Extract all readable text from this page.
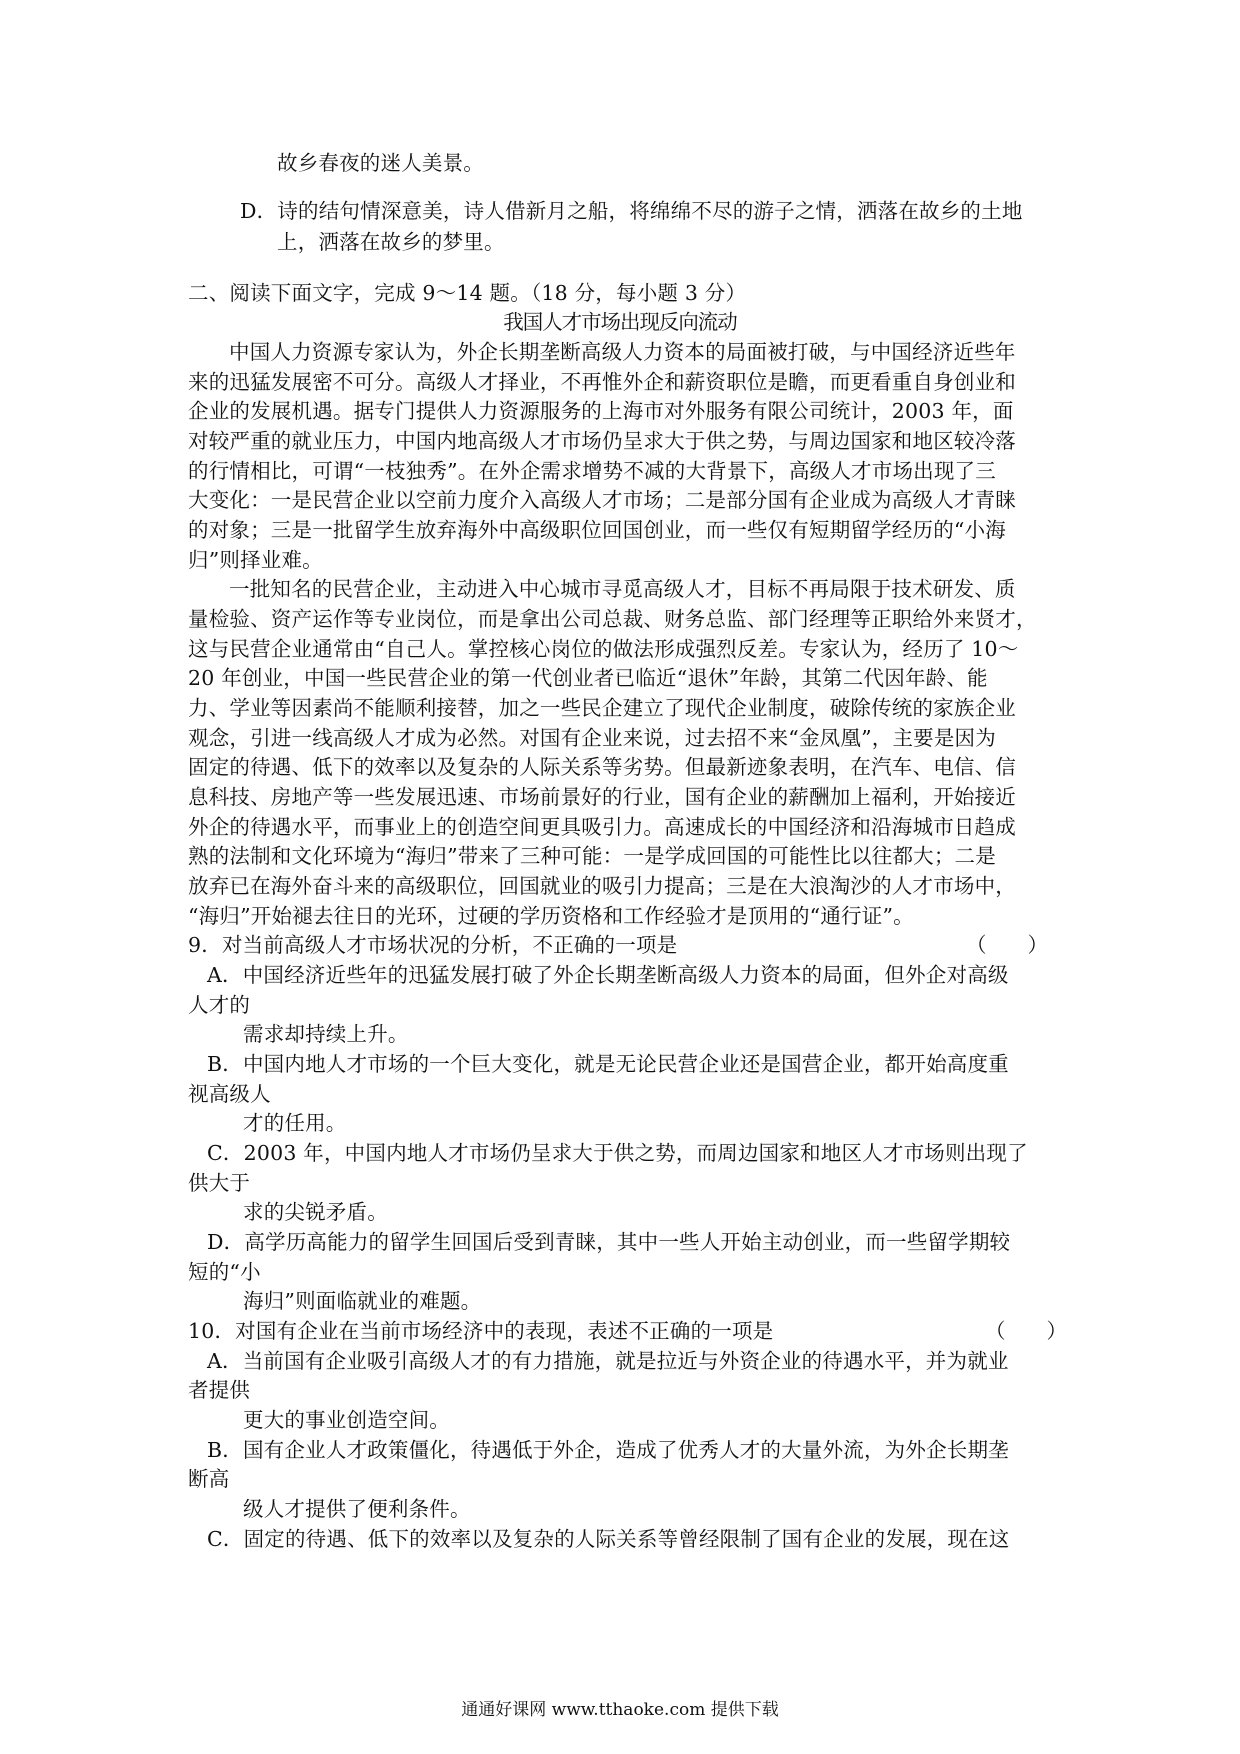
故乡春夜的迷人美景。
D．诗的结句情深意美，诗人借新月之船，将绵绵不尽的游子之情，洒落在故乡的土地
上，洒落在故乡的梦里。
二、阅读下面文字，完成 9～14 题。（18 分，每小题 3 分）
我国人才市场出现反向流动
中国人力资源专家认为，外企长期垄断高级人力资本的局面被打破，与中国经济近些年
来的迅猛发展密不可分。高级人才择业，不再惟外企和薪资职位是瞻，而更看重自身创业和
企业的发展机遇。据专门提供人力资源服务的上海市对外服务有限公司统计，2003 年，面
对较严重的就业压力，中国内地高级人才市场仍呈求大于供之势，与周边国家和地区较冷落
的行情相比，可谓“一枝独秀”。在外企需求增势不减的大背景下，高级人才市场出现了三
大变化：一是民营企业以空前力度介入高级人才市场；二是部分国有企业成为高级人才青睐
的对象；三是一批留学生放弃海外中高级职位回国创业，而一些仅有短期留学经历的“小海
归”则择业难。
一批知名的民营企业，主动进入中心城市寻觅高级人才，目标不再局限于技术研发、质
量检验、资产运作等专业岗位，而是拿出公司总裁、财务总监、部门经理等正职给外来贤才，
这与民营企业通常由“自己人。掌控核心岗位的做法形成强烈反差。专家认为，经历了 10～
20 年创业，中国一些民营企业的第一代创业者已临近“退休”年龄，其第二代因年龄、能
力、学业等因素尚不能顺利接替，加之一些民企建立了现代企业制度，破除传统的家族企业
观念，引进一线高级人才成为必然。对国有企业来说，过去招不来“金凤凰”，主要是因为
固定的待遇、低下的效率以及复杂的人际关系等劣势。但最新迹象表明，在汽车、电信、信
息科技、房地产等一些发展迅速、市场前景好的行业，国有企业的薪酬加上福利，开始接近
外企的待遇水平，而事业上的创造空间更具吸引力。高速成长的中国经济和沿海城市日趋成
熟的法制和文化环境为“海归”带来了三种可能：一是学成回国的可能性比以往都大；二是
放弃已在海外奋斗来的高级职位，回国就业的吸引力提高；三是在大浪淘沙的人才市场中，
“海归”开始褪去往日的光环，过硬的学历资格和工作经验才是顶用的“通行证”。
9．对当前高级人才市场状况的分析，不正确的一项是	（　　）
A．中国经济近些年的迅猛发展打破了外企长期垄断高级人力资本的局面，但外企对高级
人才的
需求却持续上升。
B．中国内地人才市场的一个巨大变化，就是无论民营企业还是国营企业，都开始高度重
视高级人
才的任用。
C．2003 年，中国内地人才市场仍呈求大于供之势，而周边国家和地区人才市场则出现了
供大于
求的尖锐矛盾。
D．高学历高能力的留学生回国后受到青睐，其中一些人开始主动创业，而一些留学期较
短的“小
海归”则面临就业的难题。
10．对国有企业在当前市场经济中的表现，表述不正确的一项是	（　　）
A．当前国有企业吸引高级人才的有力措施，就是拉近与外资企业的待遇水平，并为就业
者提供
更大的事业创造空间。
B．国有企业人才政策僵化，待遇低于外企，造成了优秀人才的大量外流，为外企长期垄
断高
级人才提供了便利条件。
C．固定的待遇、低下的效率以及复杂的人际关系等曾经限制了国有企业的发展，现在这
通通好课网 www.tthaoke.com 提供下载
